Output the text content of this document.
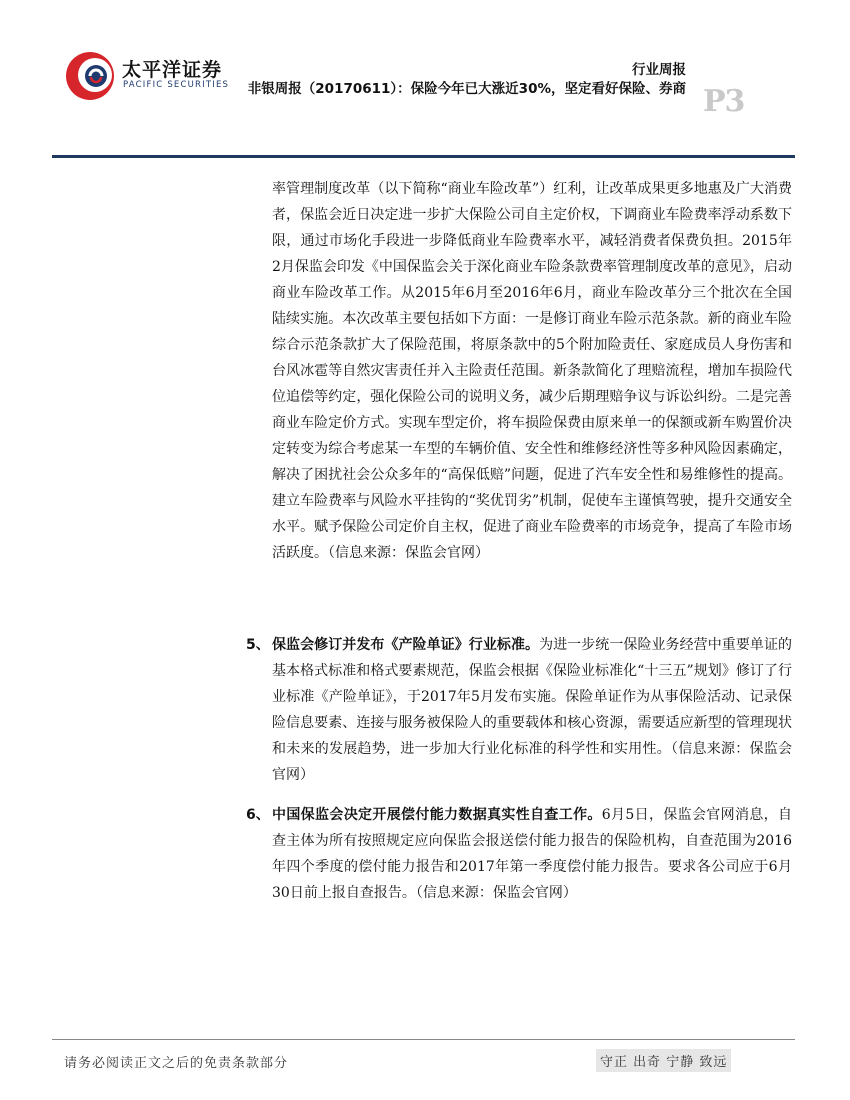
太平洋证券
PACIFIC SECURITIES
行业周报
非银周报（20170611）：保险今年已大涨近30%，坚定看好保险、券商 P3
率管理制度改革（以下简称“商业车险改革”）红利，让改革成果更多地惠及广大消费者，保监会近日决定进一步扩大保险公司自主定价权，下调商业车险费率浮动系数下限，通过市场化手段进一步降低商业车险费率水平，减轻消费者保费负担。2015年2月保监会印发《中国保监会关于深化商业车险条款费率管理制度改革的意见》，启动商业车险改革工作。从2015年6月至2016年6月，商业车险改革分三个批次在全国陆续实施。本次改革主要包括如下方面：一是修订商业车险示范条款。新的商业车险综合示范条款扩大了保险范围，将原条款中的5个附加险责任、家庭成员人身伤害和台风冰雹等自然灾害责任并入主险责任范围。新条款简化了理赔流程，增加车损险代位追偿等约定，强化保险公司的说明义务，减少后期理赔争议与诉讼纠纷。二是完善商业车险定价方式。实现车型定价，将车损险保费由原来单一的保额或新车购置价决定转变为综合考虑某一车型的车辆价值、安全性和维修经济性等多种风险因素确定，解决了困扰社会公众多年的“高保低赔”问题，促进了汽车安全性和易维修性的提高。建立车险费率与风险水平挂钩的“奖优罚劣”机制，促使车主谨慎驾驶，提升交通安全水平。赋予保险公司定价自主权，促进了商业车险费率的市场竞争，提高了车险市场活跃度。（信息来源：保监会官网）
5、 保监会修订并发布《产险单证》行业标准。为进一步统一保险业务经营中重要单证的基本格式标准和格式要素规范，保监会根据《保险业标准化“十三五”规划》修订了行业标准《产险单证》，于2017年5月发布实施。保险单证作为从事保险活动、记录保险信息要素、连接与服务被保险人的重要载体和核心资源，需要适应新型的管理现状和未来的发展趋势，进一步加大行业化标准的科学性和实用性。（信息来源：保监会官网）
6、 中国保监会决定开展偿付能力数据真实性自查工作。6月5日，保监会官网消息，自查主体为所有按照规定应向保监会报送偿付能力报告的保险机构，自查范围为2016年四个季度的偿付能力报告和2017年第一季度偿付能力报告。要求各公司应于6月30日前上报自查报告。（信息来源：保监会官网）
请务必阅读正文之后的免责条款部分	守正 出奇 宁静 致远
